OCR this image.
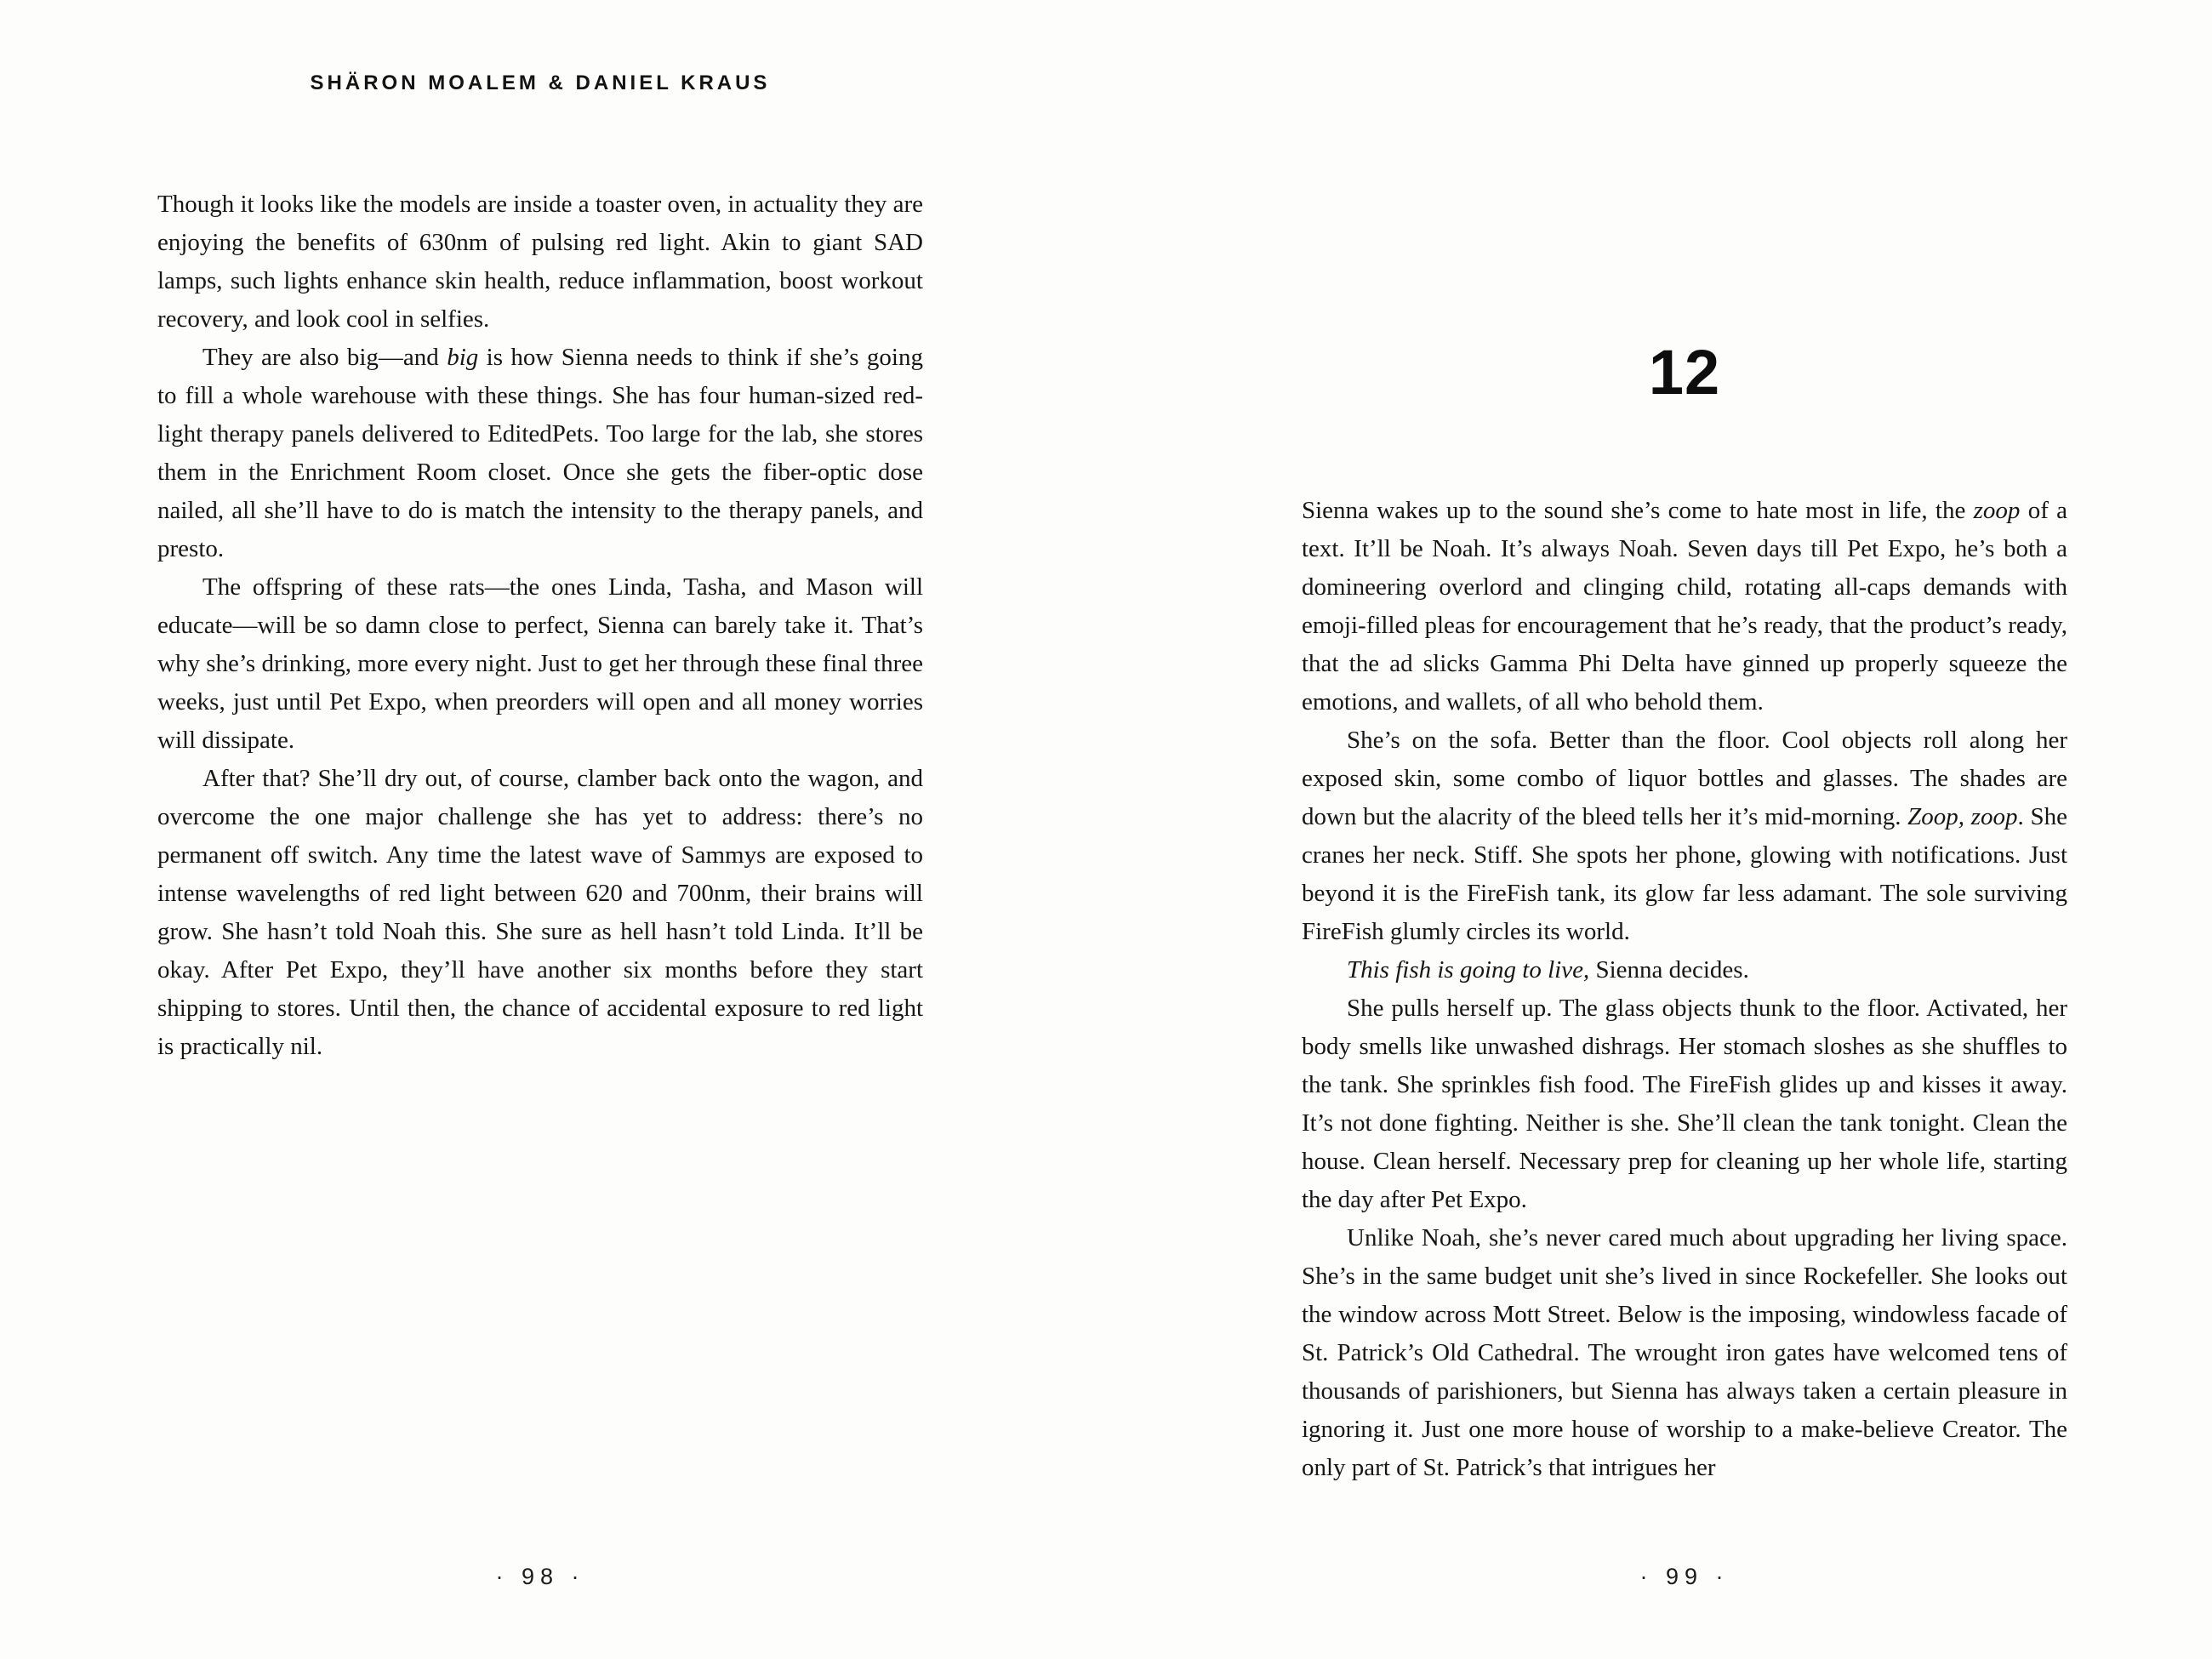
SHÄRON MOALEM & DANIEL KRAUS

Though it looks like the models are inside a toaster oven, in actuality they are enjoying the benefits of 630nm of pulsing red light. Akin to giant SAD lamps, such lights enhance skin health, reduce inflammation, boost workout recovery, and look cool in selfies.

They are also big—and big is how Sienna needs to think if she’s going to fill a whole warehouse with these things. She has four human-sized red-light therapy panels delivered to EditedPets. Too large for the lab, she stores them in the Enrichment Room closet. Once she gets the fiber-optic dose nailed, all she’ll have to do is match the intensity to the therapy panels, and presto.

The offspring of these rats—the ones Linda, Tasha, and Mason will educate—will be so damn close to perfect, Sienna can barely take it. That’s why she’s drinking, more every night. Just to get her through these final three weeks, just until Pet Expo, when preorders will open and all money worries will dissipate.

After that? She’ll dry out, of course, clamber back onto the wagon, and overcome the one major challenge she has yet to address: there’s no permanent off switch. Any time the latest wave of Sammys are exposed to intense wavelengths of red light between 620 and 700nm, their brains will grow. She hasn’t told Noah this. She sure as hell hasn’t told Linda. It’ll be okay. After Pet Expo, they’ll have another six months before they start shipping to stores. Until then, the chance of accidental exposure to red light is practically nil.

· 98 ·
12

Sienna wakes up to the sound she’s come to hate most in life, the zoop of a text. It’ll be Noah. It’s always Noah. Seven days till Pet Expo, he’s both a domineering overlord and clinging child, rotating all-caps demands with emoji-filled pleas for encouragement that he’s ready, that the product’s ready, that the ad slicks Gamma Phi Delta have ginned up properly squeeze the emotions, and wallets, of all who behold them.

She’s on the sofa. Better than the floor. Cool objects roll along her exposed skin, some combo of liquor bottles and glasses. The shades are down but the alacrity of the bleed tells her it’s mid-morning. Zoop, zoop. She cranes her neck. Stiff. She spots her phone, glowing with notifications. Just beyond it is the FireFish tank, its glow far less adamant. The sole surviving FireFish glumly circles its world.

This fish is going to live, Sienna decides.

She pulls herself up. The glass objects thunk to the floor. Activated, her body smells like unwashed dishrags. Her stomach sloshes as she shuffles to the tank. She sprinkles fish food. The FireFish glides up and kisses it away. It’s not done fighting. Neither is she. She’ll clean the tank tonight. Clean the house. Clean herself. Necessary prep for cleaning up her whole life, starting the day after Pet Expo.

Unlike Noah, she’s never cared much about upgrading her living space. She’s in the same budget unit she’s lived in since Rockefeller. She looks out the window across Mott Street. Below is the imposing, windowless facade of St. Patrick’s Old Cathedral. The wrought iron gates have welcomed tens of thousands of parishioners, but Sienna has always taken a certain pleasure in ignoring it. Just one more house of worship to a make-believe Creator. The only part of St. Patrick’s that intrigues her

· 99 ·
